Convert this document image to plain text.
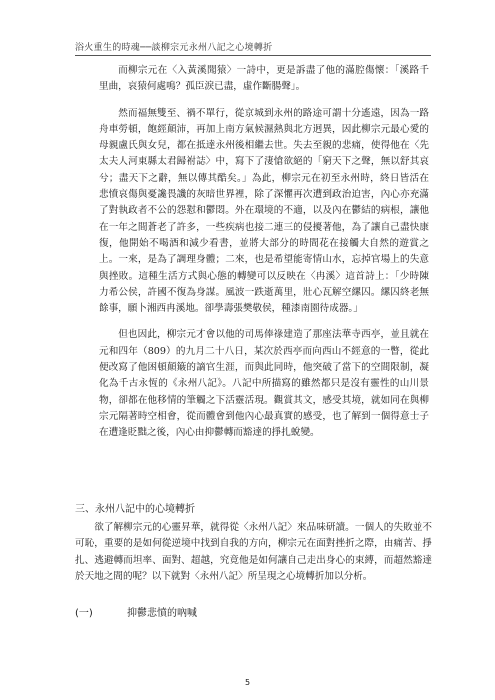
浴火重生的時魂──談柳宗元永州八記之心境轉折

而柳宗元在〈入黃溪聞猿〉一詩中，更是訴盡了他的滿腔傷懷：「溪路千里曲，哀猿何處鳴？孤臣淚已盡，虛作斷腸聲」。

然而福無雙至、禍不單行，從京城到永州的路途可謂十分遙遠，因為一路舟車勞頓，飽經顛沛，再加上南方氣候濕熱與北方迥異，因此柳宗元最心愛的母親盧氏與女兒，都在抵達永州後相繼去世。失去至親的悲痛，使得他在〈先太夫人河東縣太君歸祔誌〉中，寫下了淒愴欲絕的「窮天下之聲，無以舒其哀兮；盡天下之辭，無以傳其酷矣。」為此，柳宗元在初至永州時，終日皆活在悲憤哀傷與憂讒畏譏的灰暗世界裡，除了深懼再次遭到政治迫害，內心亦充滿了對執政者不公的怨懟和鬱悶。外在環境的不適，以及內在鬱結的病根，讓他在一年之間蒼老了許多，一些疾病也接二連三的侵擾著他，為了讓自己盡快康復，他開始不喝酒和減少看書，並將大部分的時間花在接觸大自然的遊賞之上。一來，是為了調理身體；二來，也是希望能寄情山水，忘掉官場上的失意與挫敗。這種生活方式與心態的轉變可以反映在〈冉溪〉這首詩上：「少時陳力希公侯，許國不復為身謀。風波一跌逝萬里，壯心瓦解空縲囚。縲囚終老無餘事，願卜湘西冉溪地。卻學壽張樊敬侯，種漆南園待成器。」

但也因此，柳宗元才會以他的司馬俸祿建造了那座法華寺西亭，並且就在元和四年（809）的九月二十八日，某次於西亭而向西山不經意的一瞥，從此便改寫了他困頓顛簸的謫官生涯，而與此同時，他突破了當下的空間限制，凝化為千古永恆的《永州八記》。八記中所描寫的雖然都只是沒有靈性的山川景物，卻都在他移情的筆觸之下活靈活現。觀賞其文，感受其境，就如同在與柳宗元隔著時空相會，從而體會到他內心最真實的感受，也了解到一個得意士子在遭逢貶黜之後，內心由抑鬱轉而豁達的掙扎蛻變。

三、永州八記中的心境轉折

欲了解柳宗元的心靈昇華，就得從〈永州八記〉來品味研讀。一個人的失敗並不可恥，重要的是如何從逆境中找到自我的方向，柳宗元在面對挫折之際，由痛苦、掙扎、逃避轉而坦率、面對、超越，究竟他是如何讓自己走出身心的束縛，而超然豁達於天地之間的呢？以下就對〈永州八記〉所呈現之心境轉折加以分析。

(一)	抑鬱悲憤的吶喊
5
